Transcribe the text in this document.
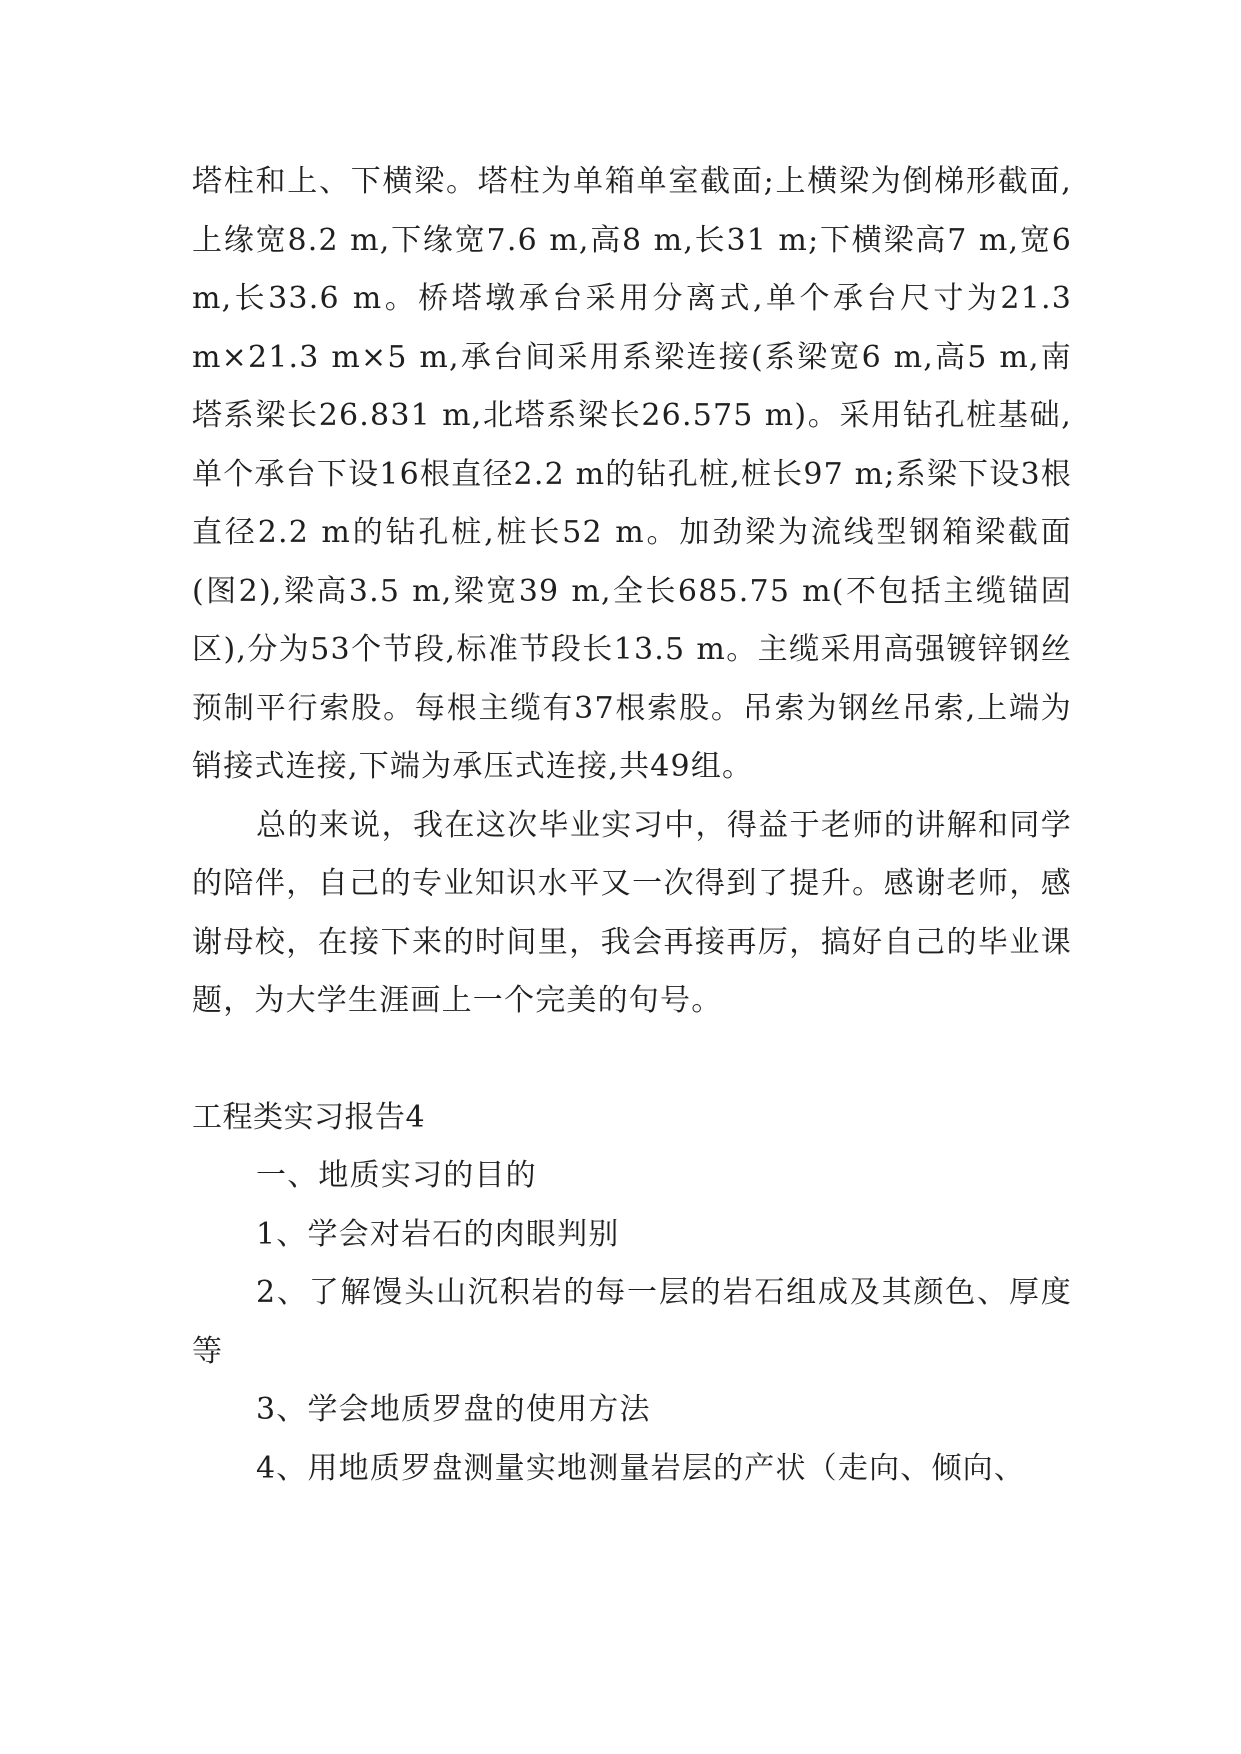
塔柱和上、下横梁。塔柱为单箱单室截面;上横梁为倒梯形截面,上缘宽8.2 m,下缘宽7.6 m,高8 m,长31 m;下横梁高7 m,宽6 m,长33.6 m。桥塔墩承台采用分离式,单个承台尺寸为21.3 m×21.3 m×5 m,承台间采用系梁连接(系梁宽6 m,高5 m,南塔系梁长26.831 m,北塔系梁长26.575 m)。采用钻孔桩基础,单个承台下设16根直径2.2 m的钻孔桩,桩长97 m;系梁下设3根直径2.2 m的钻孔桩,桩长52 m。加劲梁为流线型钢箱梁截面(图2),梁高3.5 m,梁宽39 m,全长685.75 m(不包括主缆锚固区),分为53个节段,标准节段长13.5 m。主缆采用高强镀锌钢丝预制平行索股。每根主缆有37根索股。吊索为钢丝吊索,上端为销接式连接,下端为承压式连接,共49组。

总的来说，我在这次毕业实习中，得益于老师的讲解和同学的陪伴，自己的专业知识水平又一次得到了提升。感谢老师，感谢母校，在接下来的时间里，我会再接再厉，搞好自己的毕业课题，为大学生涯画上一个完美的句号。

工程类实习报告4

一、地质实习的目的

1、学会对岩石的肉眼判别

2、了解馒头山沉积岩的每一层的岩石组成及其颜色、厚度等

3、学会地质罗盘的使用方法

4、用地质罗盘测量实地测量岩层的产状（走向、倾向、
